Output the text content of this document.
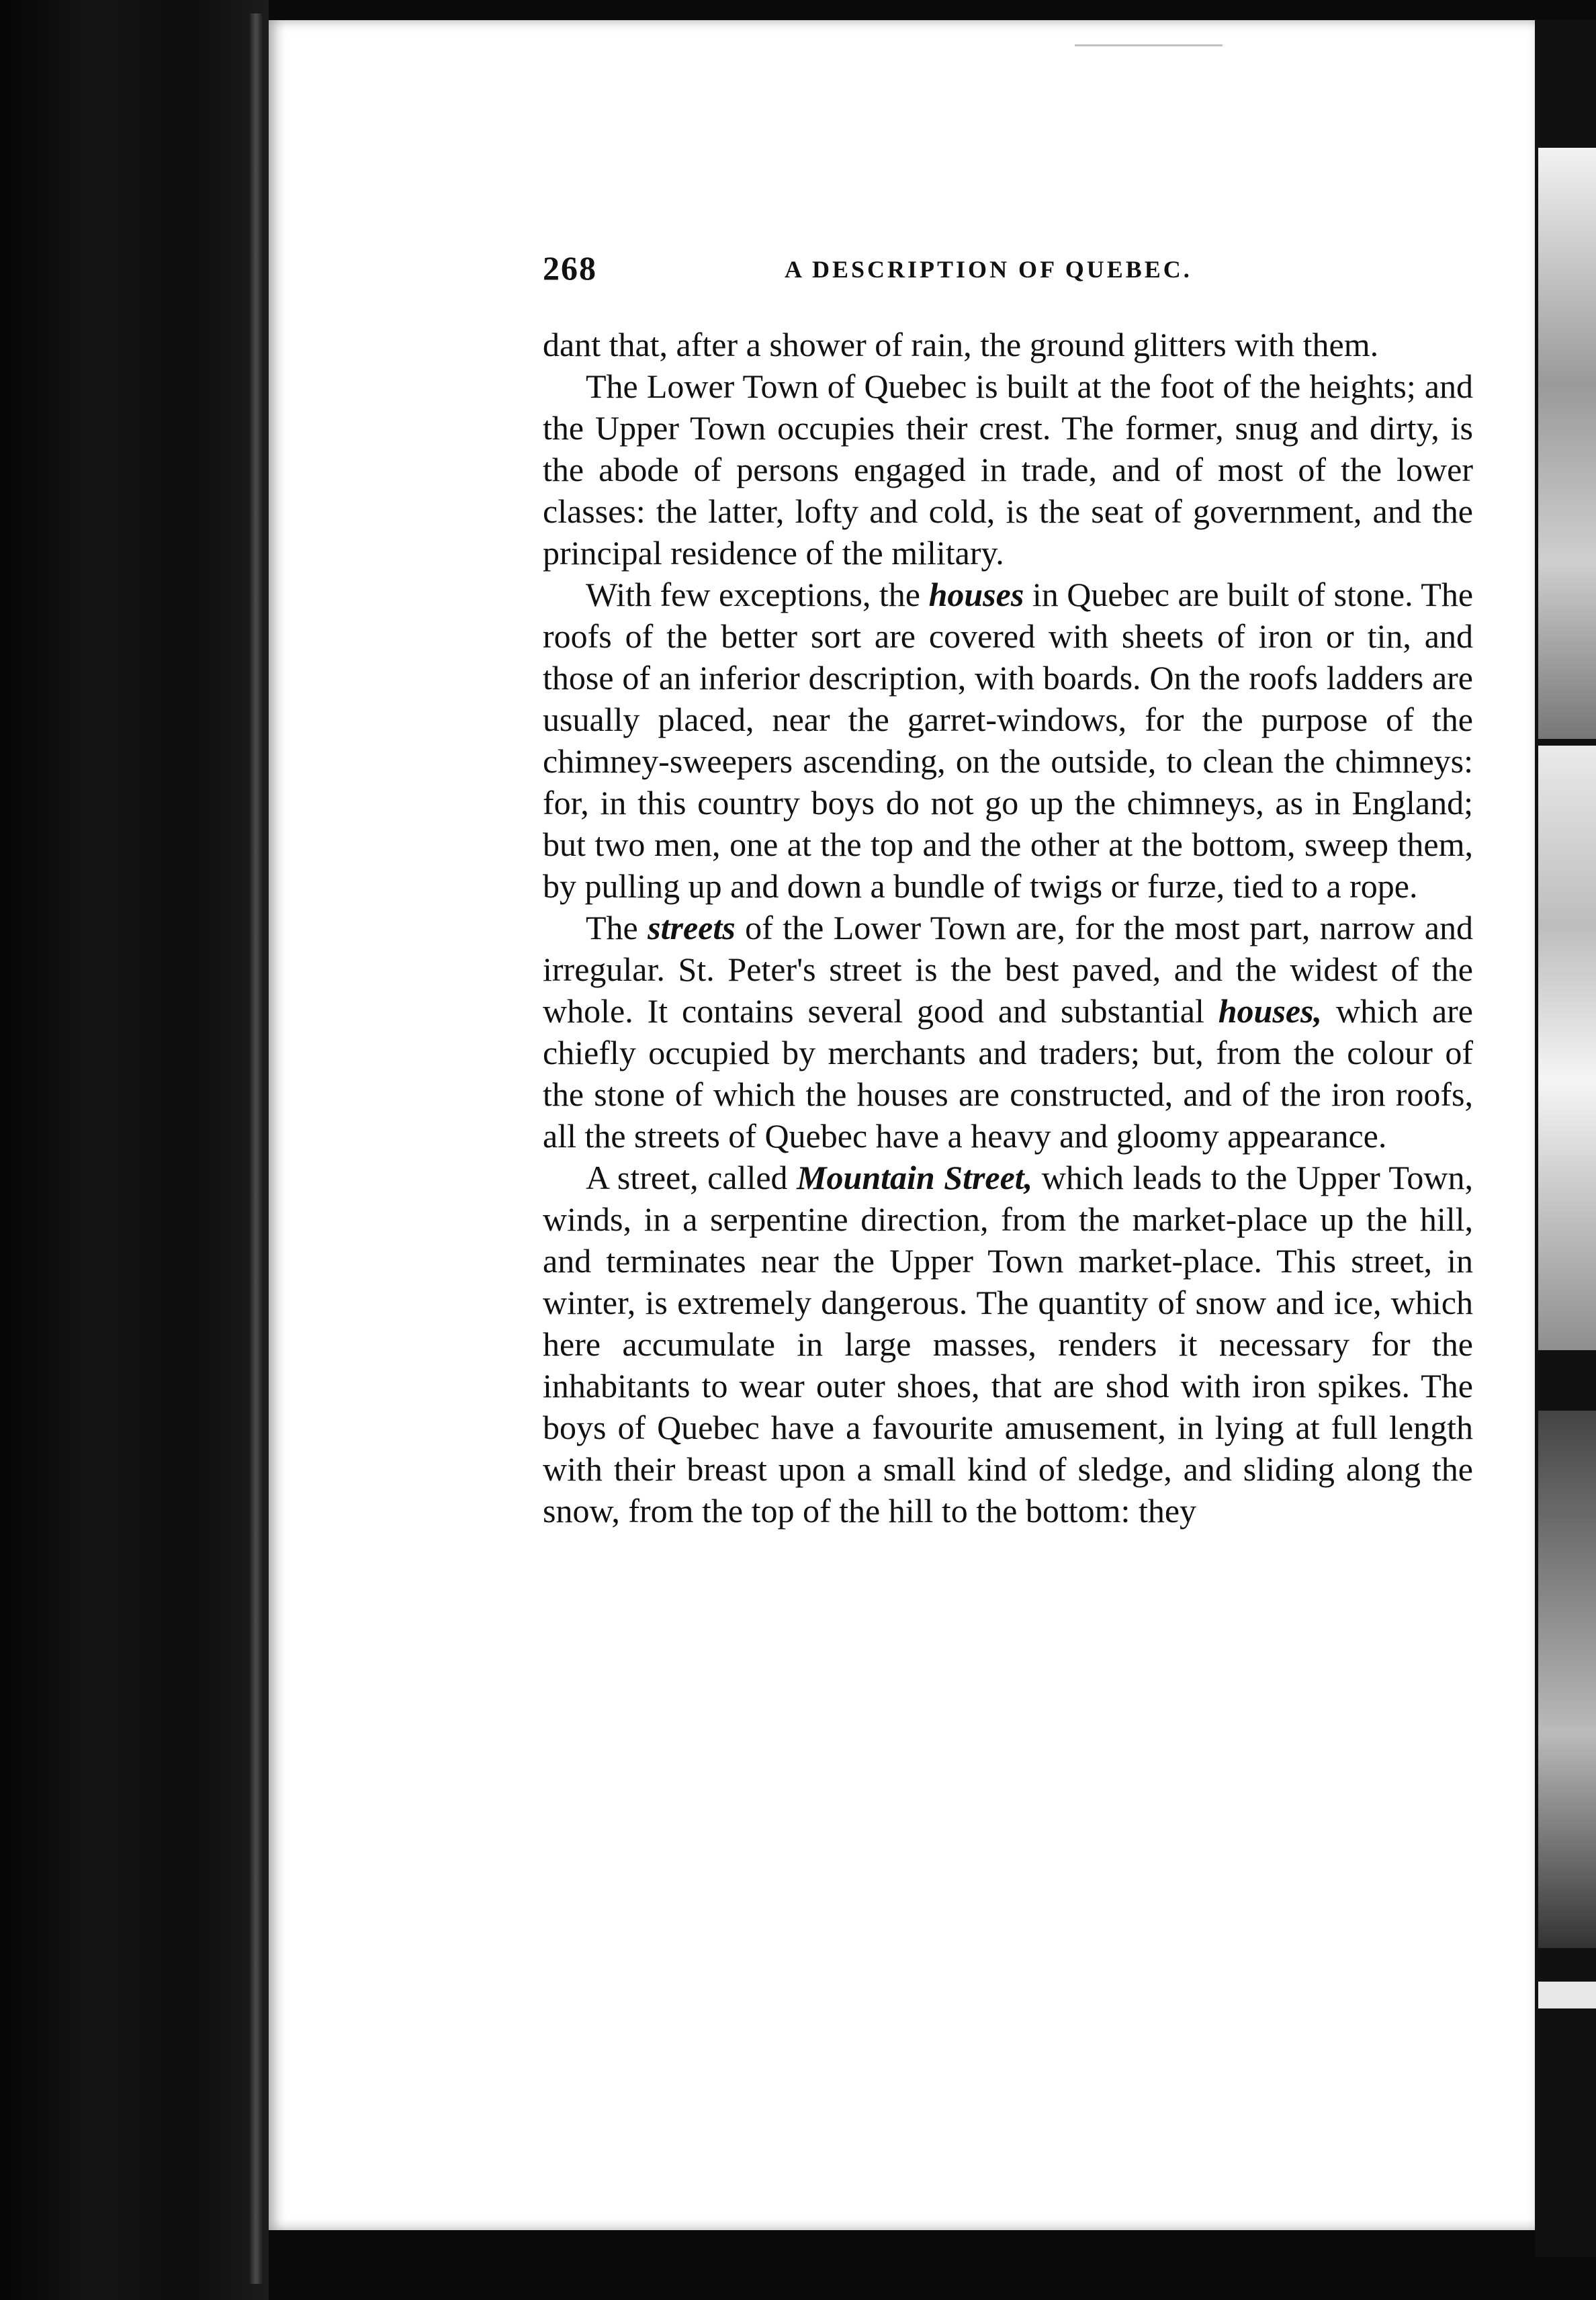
268	A DESCRIPTION OF QUEBEC.

dant that, after a shower of rain, the ground glitters with them.

The Lower Town of Quebec is built at the foot of the heights; and the Upper Town occupies their crest. The former, snug and dirty, is the abode of persons engaged in trade, and of most of the lower classes: the latter, lofty and cold, is the seat of government, and the principal residence of the military.

With few exceptions, the houses in Quebec are built of stone. The roofs of the better sort are covered with sheets of iron or tin, and those of an inferior description, with boards. On the roofs ladders are usually placed, near the garret-windows, for the purpose of the chimney-sweepers ascending, on the outside, to clean the chimneys: for, in this country boys do not go up the chimneys, as in England; but two men, one at the top and the other at the bottom, sweep them, by pulling up and down a bundle of twigs or furze, tied to a rope.

The streets of the Lower Town are, for the most part, narrow and irregular. St. Peter's street is the best paved, and the widest of the whole. It contains several good and substantial houses, which are chiefly occupied by merchants and traders; but, from the colour of the stone of which the houses are constructed, and of the iron roofs, all the streets of Quebec have a heavy and gloomy appearance.

A street, called Mountain Street, which leads to the Upper Town, winds, in a serpentine direction, from the market-place up the hill, and terminates near the Upper Town market-place. This street, in winter, is extremely dangerous. The quantity of snow and ice, which here accumulate in large masses, renders it necessary for the inhabitants to wear outer shoes, that are shod with iron spikes. The boys of Quebec have a favourite amusement, in lying at full length with their breast upon a small kind of sledge, and sliding along the snow, from the top of the hill to the bottom: they
